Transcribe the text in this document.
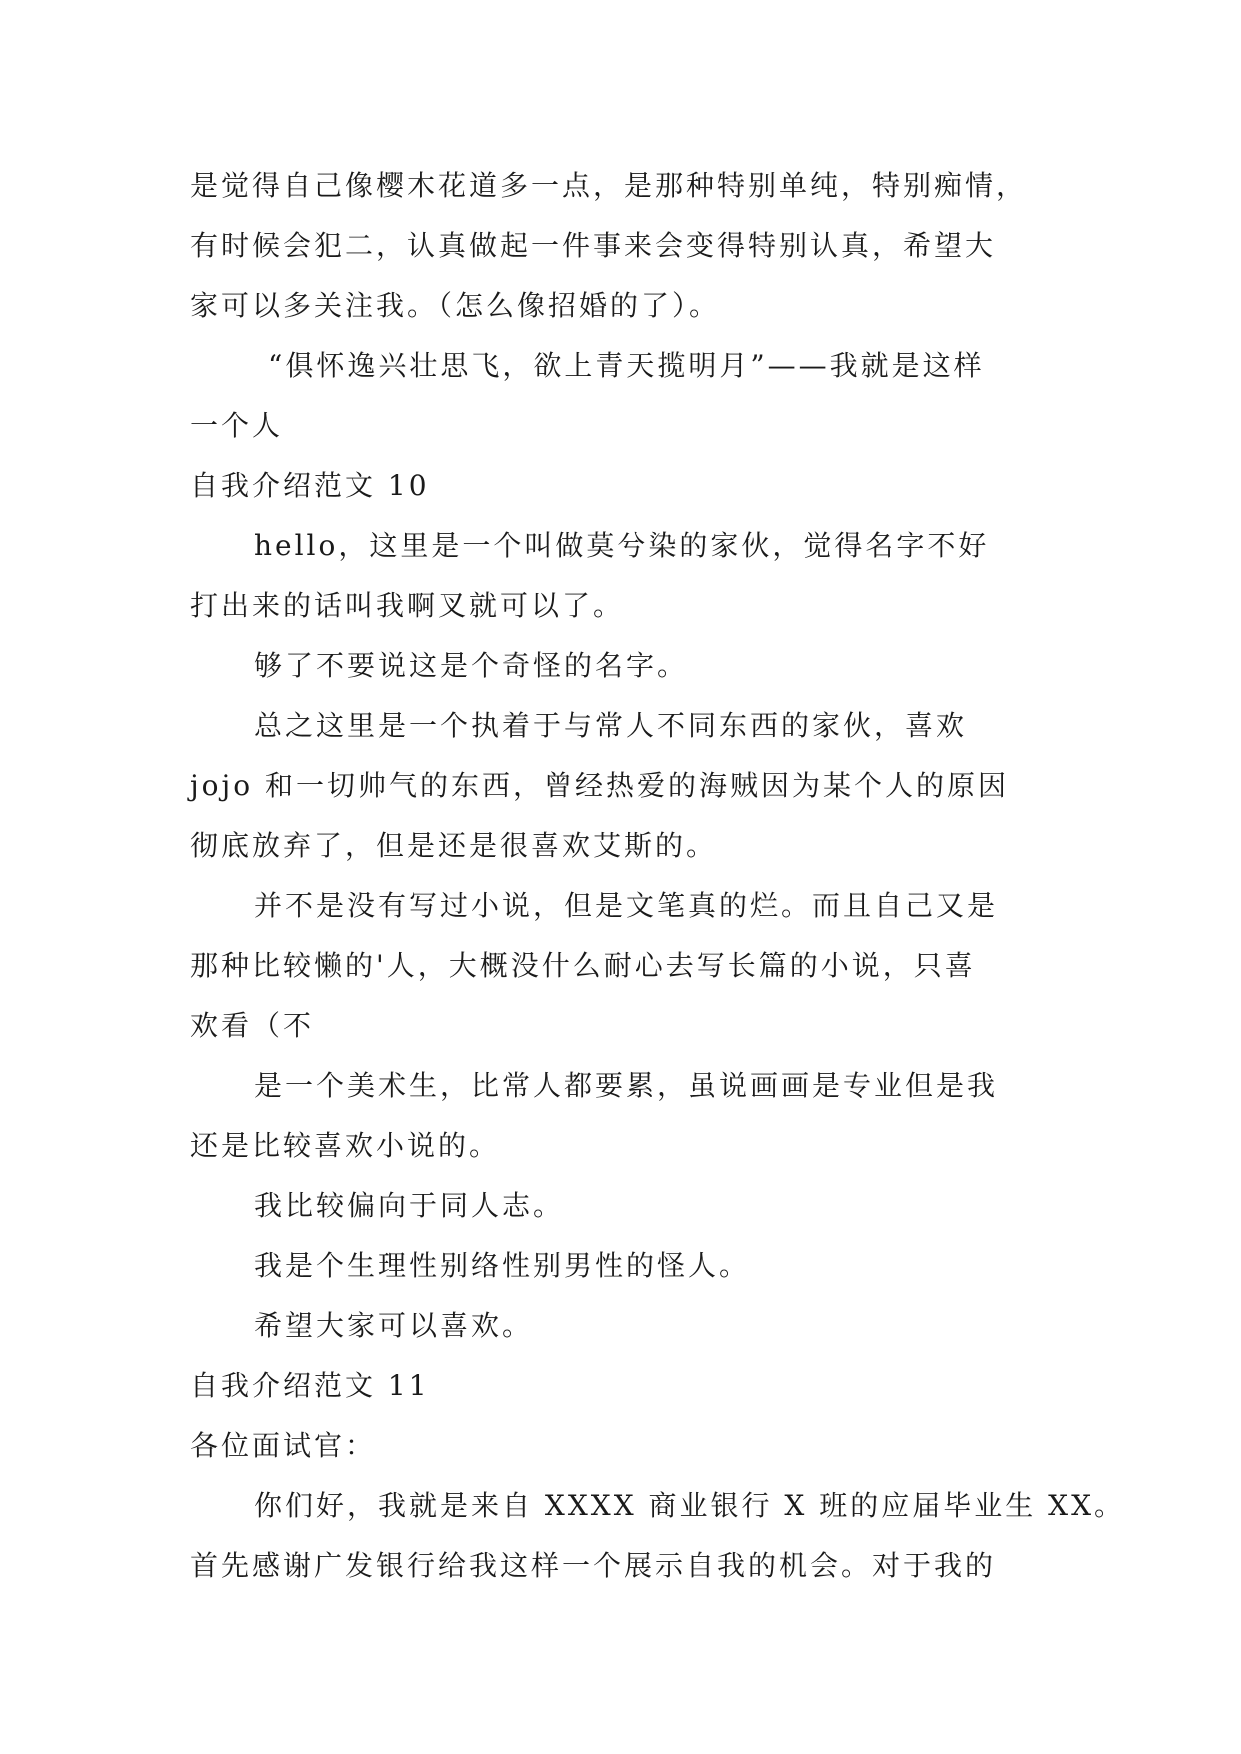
是觉得自己像樱木花道多一点，是那种特别单纯，特别痴情，
有时候会犯二，认真做起一件事来会变得特别认真，希望大
家可以多关注我。（怎么像招婚的了）。
“俱怀逸兴壮思飞，欲上青天揽明月”——我就是这样
一个人
自我介绍范文 10
hello，这里是一个叫做莫兮染的家伙，觉得名字不好
打出来的话叫我啊叉就可以了。
够了不要说这是个奇怪的名字。
总之这里是一个执着于与常人不同东西的家伙，喜欢
jojo 和一切帅气的东西，曾经热爱的海贼因为某个人的原因
彻底放弃了，但是还是很喜欢艾斯的。
并不是没有写过小说，但是文笔真的烂。而且自己又是
那种比较懒的'人，大概没什么耐心去写长篇的小说，只喜
欢看（不
是一个美术生，比常人都要累，虽说画画是专业但是我
还是比较喜欢小说的。
我比较偏向于同人志。
我是个生理性别络性别男性的怪人。
希望大家可以喜欢。
自我介绍范文 11
各位面试官：
你们好，我就是来自 XXXX 商业银行 X 班的应届毕业生 XX。
首先感谢广发银行给我这样一个展示自我的机会。对于我的
